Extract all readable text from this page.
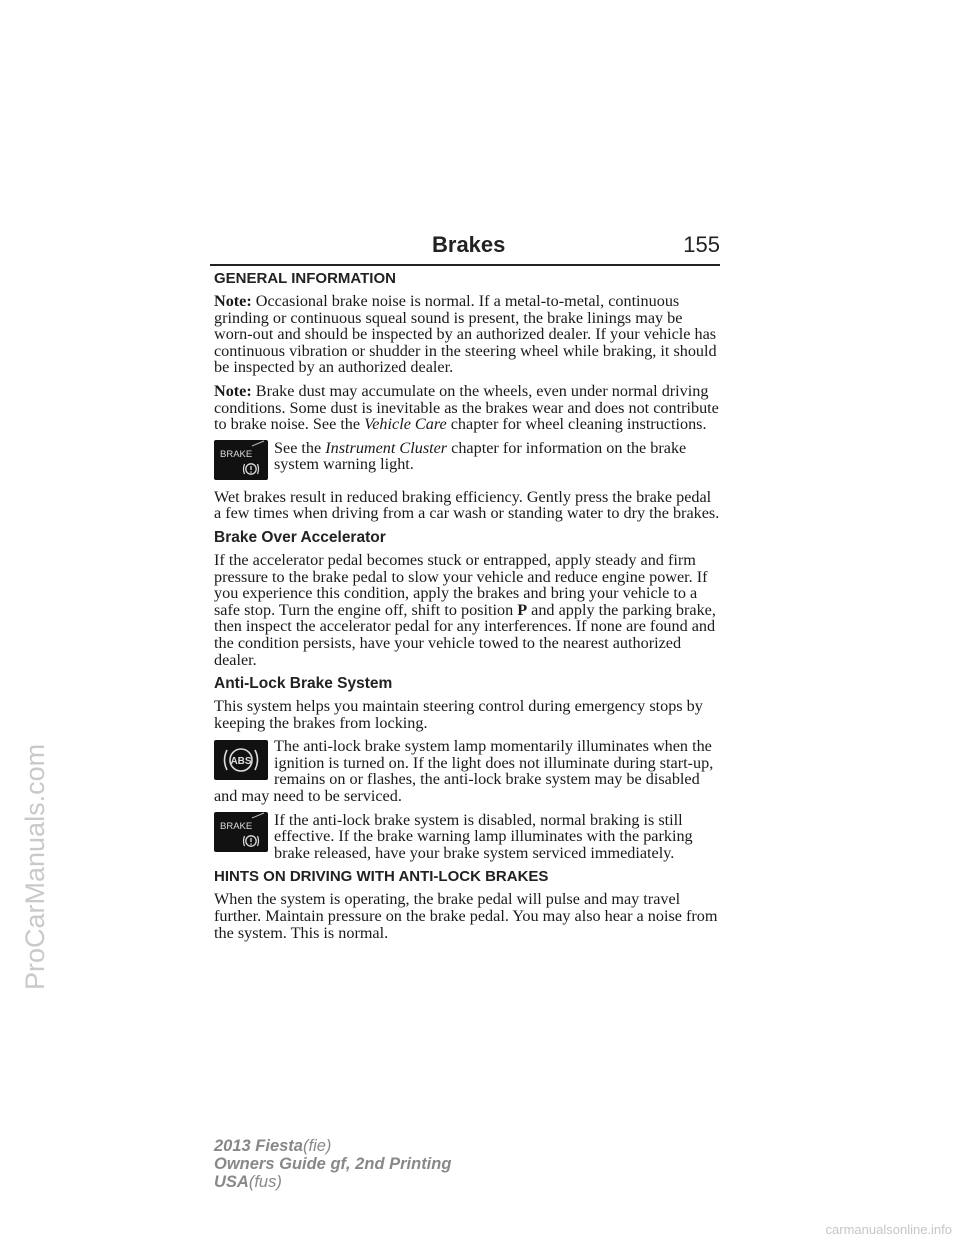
Brakes	155
GENERAL INFORMATION

Note: Occasional brake noise is normal. If a metal-to-metal, continuous grinding or continuous squeal sound is present, the brake linings may be worn-out and should be inspected by an authorized dealer. If your vehicle has continuous vibration or shudder in the steering wheel while braking, it should be inspected by an authorized dealer.

Note: Brake dust may accumulate on the wheels, even under normal driving conditions. Some dust is inevitable as the brakes wear and does not contribute to brake noise. See the Vehicle Care chapter for wheel cleaning instructions.

BRAKE See the Instrument Cluster chapter for information on the brake system warning light.

Wet brakes result in reduced braking efficiency. Gently press the brake pedal a few times when driving from a car wash or standing water to dry the brakes.

Brake Over Accelerator

If the accelerator pedal becomes stuck or entrapped, apply steady and firm pressure to the brake pedal to slow your vehicle and reduce engine power. If you experience this condition, apply the brakes and bring your vehicle to a safe stop. Turn the engine off, shift to position P and apply the parking brake, then inspect the accelerator pedal for any interferences. If none are found and the condition persists, have your vehicle towed to the nearest authorized dealer.

Anti-Lock Brake System

This system helps you maintain steering control during emergency stops by keeping the brakes from locking.

ABS
The anti-lock brake system lamp momentarily illuminates when the ignition is turned on. If the light does not illuminate during start-up, remains on or flashes, the anti-lock brake system may be disabled and may need to be serviced.
BRAKE If the anti-lock brake system is disabled, normal braking is still effective. If the brake warning lamp illuminates with the parking brake released, have your brake system serviced immediately.
HINTS ON DRIVING WITH ANTI-LOCK BRAKES

When the system is operating, the brake pedal will pulse and may travel further. Maintain pressure on the brake pedal. You may also hear a noise from the system. This is normal.

2013 Fiesta(fie)
Owners Guide gf, 2nd Printing
USA(fus)
ProCarManuals.com
carmanualsonline.info
